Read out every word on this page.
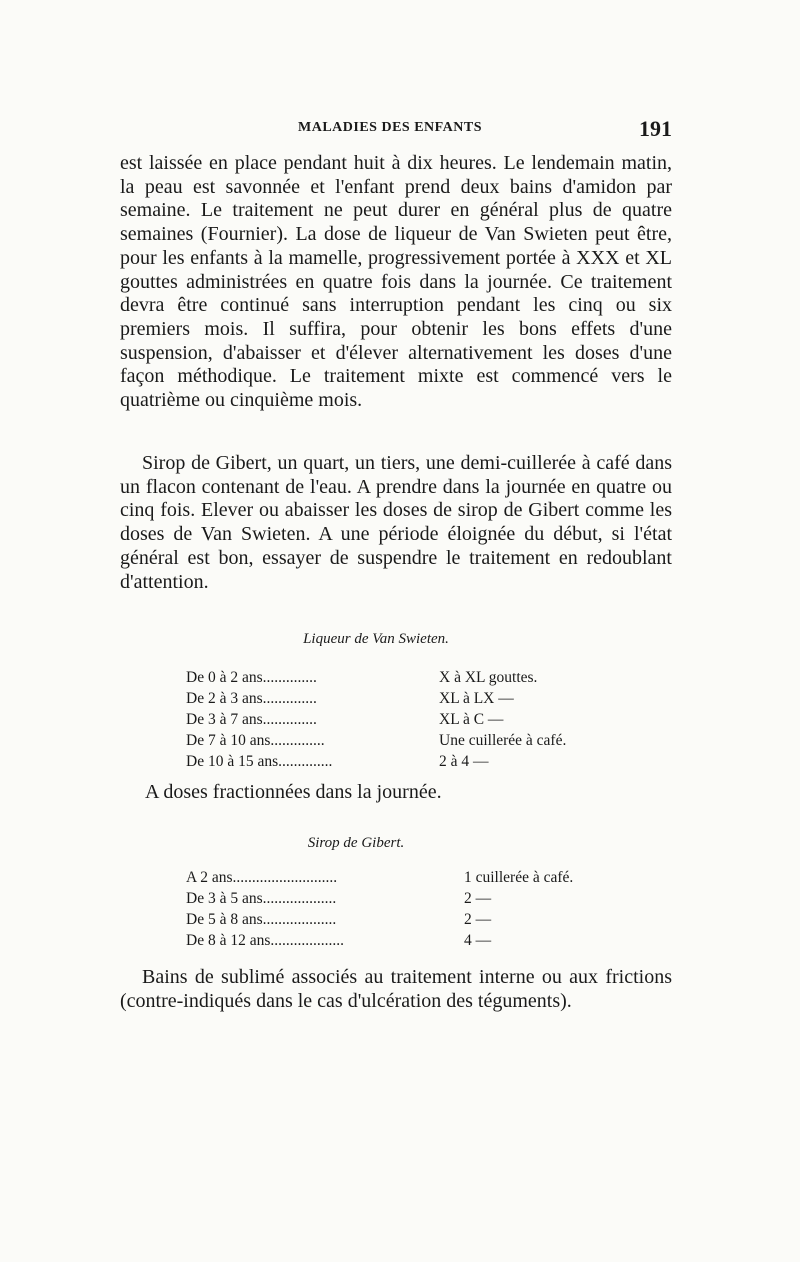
MALADIES DES ENFANTS	191

est laissée en place pendant huit à dix heures. Le lendemain matin, la peau est savonnée et l'enfant prend deux bains d'amidon par semaine. Le traitement ne peut durer en général plus de quatre semaines (Fournier). La dose de liqueur de Van Swieten peut être, pour les enfants à la mamelle, progressivement portée à XXX et XL gouttes administrées en quatre fois dans la journée. Ce traitement devra être continué sans interruption pendant les cinq ou six premiers mois. Il suffira, pour obtenir les bons effets d'une suspension, d'abaisser et d'élever alternativement les doses d'une façon méthodique. Le traitement mixte est commencé vers le quatrième ou cinquième mois.

Sirop de Gibert, un quart, un tiers, une demi-cuillerée à café dans un flacon contenant de l'eau. A prendre dans la journée en quatre ou cinq fois. Elever ou abaisser les doses de sirop de Gibert comme les doses de Van Swieten. A une période éloignée du début, si l'état général est bon, essayer de suspendre le traitement en redoublant d'attention.

Liqueur de Van Swieten.
De 0 à 2 ans..............	X à XL gouttes.
De 2 à 3 ans..............	XL à LX —
De 3 à 7 ans..............	XL à C —
De 7 à 10 ans..............	Une cuillerée à café.
De 10 à 15 ans..............	2 à 4 —
A doses fractionnées dans la journée.
Sirop de Gibert.
A 2 ans...........................	1 cuillerée à café.
De 3 à 5 ans...................	2 —
De 5 à 8 ans...................	2 —
De 8 à 12 ans...................	4 —

Bains de sublimé associés au traitement interne ou aux frictions (contre-indiqués dans le cas d'ulcération des téguments).
